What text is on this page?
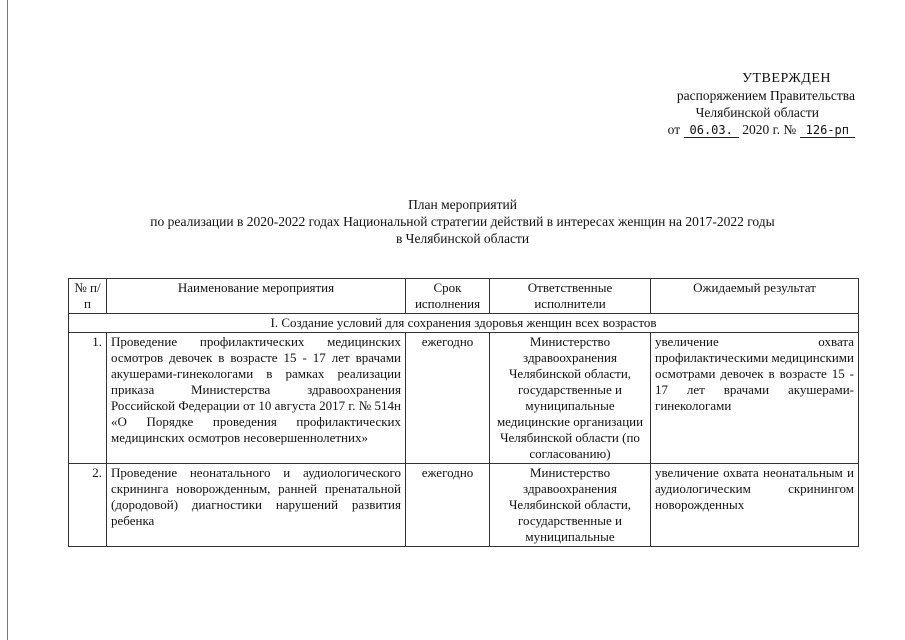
УТВЕРЖДЕН
распоряжением Правительства
Челябинской области
от 06.03. 2020 г. № 126-рп
План мероприятий
по реализации в 2020-2022 годах Национальной стратегии действий в интересах женщин на 2017-2022 годы
в Челябинской области
№ п/п	Наименование мероприятия	Срок исполнения	Ответственные исполнители	Ожидаемый результат
I. Создание условий для сохранения здоровья женщин всех возрастов				
1.	Проведение профилактических медицинских осмотров девочек в возрасте 15 - 17 лет врачами акушерами-гинекологами в рамках реализации приказа Министерства здравоохранения Российской Федерации от 10 августа 2017 г. № 514н «О Порядке проведения профилактических медицинских осмотров несовершеннолетних»	ежегодно	Министерство здравоохранения Челябинской области, государственные и муниципальные медицинские организации Челябинской области (по согласованию)	увеличение охвата профилактическими медицинскими осмотрами девочек в возрасте 15 - 17 лет врачами акушерами-гинекологами
2.	Проведение неонатального и аудиологического скрининга новорожденным, ранней пренатальной (дородовой) диагностики нарушений развития ребенка	ежегодно	Министерство здравоохранения Челябинской области, государственные и муниципальные	увеличение охвата неонатальным и аудиологическим скринингом новорожденных
